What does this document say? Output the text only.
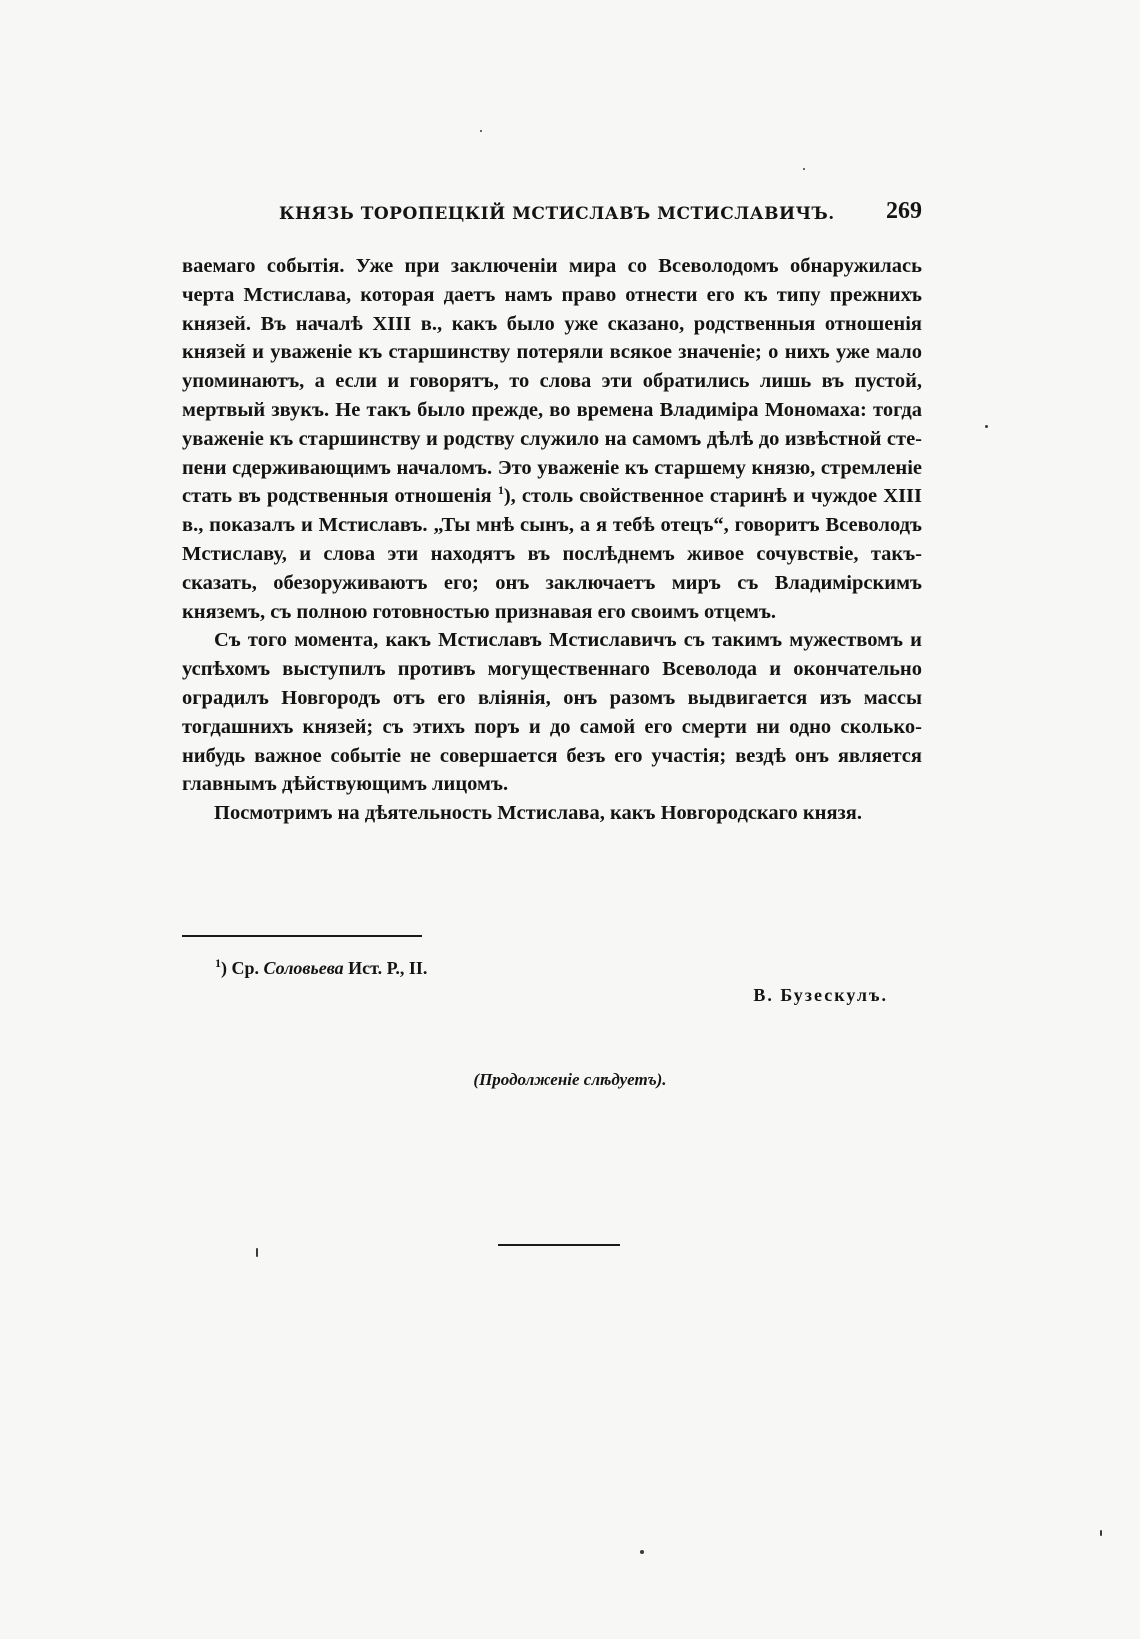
КНЯЗЬ ТОРОПЕЦКІЙ МСТИСЛАВЪ МСТИСЛАВИЧЪ. 269

ваемаго событія. Уже при заключеніи мира со Всеволодомъ обнаружилась черта Мстислава, которая даетъ намъ право отнести его къ типу прежнихъ князей. Въ началѣ XIII в., какъ было уже сказано, родственныя отношенія князей и уваженіе къ старшинству потеряли всякое значеніе; о нихъ уже мало упоминаютъ, а если и говорятъ, то слова эти обратились лишь въ пустой, мертвый звукъ. Не такъ было прежде, во времена Владиміра Мономаха: тогда уваженіе къ старшинству и родству служило на самомъ дѣлѣ до извѣстной степени сдерживающимъ началомъ. Это уваженіе къ старшему князю, стремленіе стать въ родственныя отношенія $^1$), столь свойственное старинѣ и чуждое XIII в., показалъ и Мстиславъ. „Ты мнѣ сынъ, а я тебѣ отецъ“, говоритъ Всеволодъ Мстиславу, и слова эти находятъ въ послѣднемъ живое сочувствіе, такъ-сказать, обезоруживаютъ его; онъ заключаетъ миръ съ Владимірскимъ княземъ, съ полною готовностью признавая его своимъ отцемъ.

Съ того момента, какъ Мстиславъ Мстиславичъ съ такимъ мужествомъ и успѣхомъ выступилъ противъ могущественнаго Всеволода и окончательно оградилъ Новгородъ отъ его вліянія, онъ разомъ выдвигается изъ массы тогдашнихъ князей; съ этихъ поръ и до самой его смерти ни одно сколько-нибудь важное событіе не совершается безъ его участія; вездѣ онъ является главнымъ дѣйствующимъ лицомъ.

Посмотримъ на дѣятельность Мстислава, какъ Новгородскаго князя.

$^1$) Ср. Соловьева Ист. Р., II.
В. Бузескулъ.
(Продолженіе слѣдуетъ).
